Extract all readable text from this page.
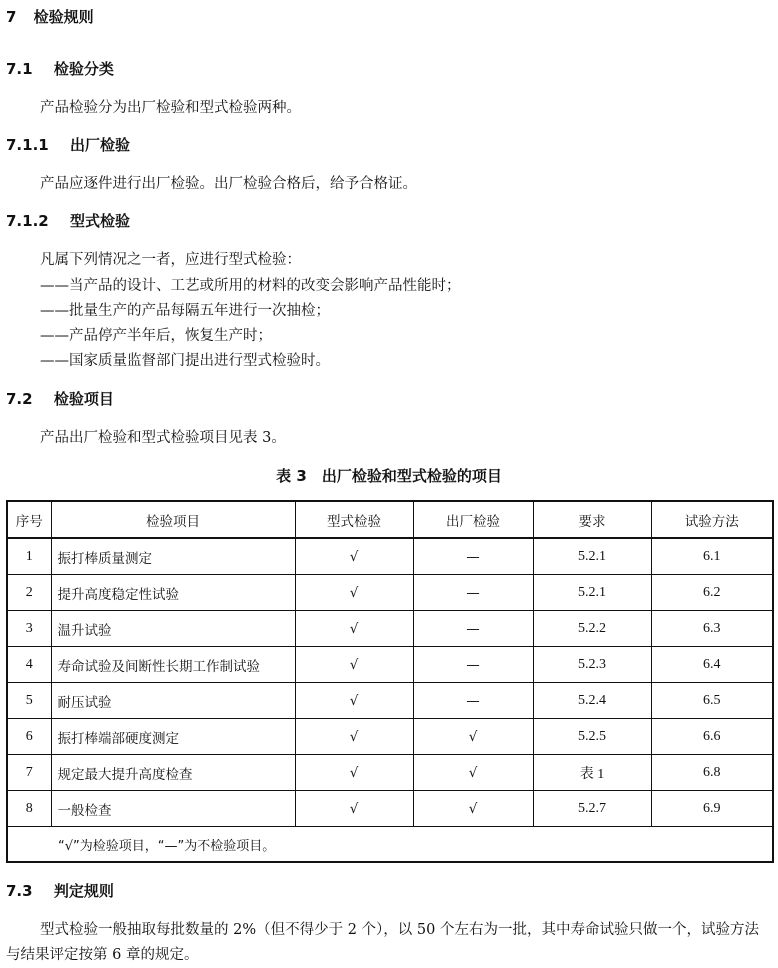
7 检验规则
7.1 检验分类
产品检验分为出厂检验和型式检验两种。
7.1.1 出厂检验
产品应逐件进行出厂检验。出厂检验合格后，给予合格证。
7.1.2 型式检验
凡属下列情况之一者，应进行型式检验：
——当产品的设计、工艺或所用的材料的改变会影响产品性能时；
——批量生产的产品每隔五年进行一次抽检；
——产品停产半年后，恢复生产时；
——国家质量监督部门提出进行型式检验时。
7.2 检验项目
产品出厂检验和型式检验项目见表 3。
表 3　出厂检验和型式检验的项目
序号	检验项目	型式检验	出厂检验	要求	试验方法
1	振打棒质量测定	√	—	5.2.1	6.1
2	提升高度稳定性试验	√	—	5.2.1	6.2
3	温升试验	√	—	5.2.2	6.3
4	寿命试验及间断性长期工作制试验	√	—	5.2.3	6.4
5	耐压试验	√	—	5.2.4	6.5
6	振打棒端部硬度测定	√	√	5.2.5	6.6
7	规定最大提升高度检查	√	√	表 1	6.8
8	一般检查	√	√	5.2.7	6.9
“√”为检验项目，“—”为不检验项目。					
7.3 判定规则
型式检验一般抽取每批数量的 2%（但不得少于 2 个），以 50 个左右为一批，其中寿命试验只做一个，试验方法与结果评定按第 6 章的规定。
